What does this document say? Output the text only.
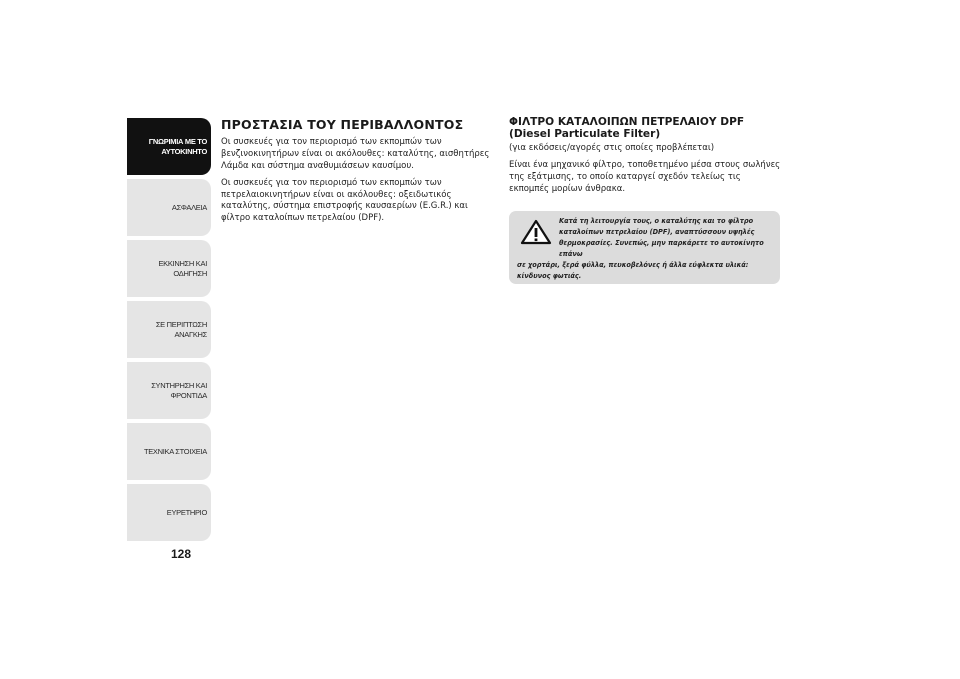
ΓΝΩΡΙΜΙΑ ΜΕ ΤΟ
ΑΥΤΟΚΙΝΗΤΟ
ΑΣΦΑΛΕΙΑ
ΕΚΚΙΝΗΣΗ ΚΑΙ
ΟΔΗΓΗΣΗ
ΣΕ ΠΕΡΙΠΤΩΣΗ
ΑΝΑΓΚΗΣ
ΣΥΝΤΗΡΗΣΗ ΚΑΙ
ΦΡΟΝΤΙΔΑ
ΤΕΧΝΙΚΑ ΣΤΟΙΧΕΙΑ
ΕΥΡΕΤΗΡΙΟ
128
ΠΡΟΣΤΑΣΙΑ ΤΟΥ ΠΕΡΙΒΑΛΛΟΝΤΟΣ

Οι συσκευές για τον περιορισμό των εκπομπών των βενζινοκινητήρων είναι οι ακόλουθες: καταλύτης, αισθητήρες Λάμδα και σύστημα αναθυμιάσεων καυσίμου.

Οι συσκευές για τον περιορισμό των εκπομπών των πετρελαιοκινητήρων είναι οι ακόλουθες: οξειδωτικός καταλύτης, σύστημα επιστροφής καυσαερίων (E.G.R.) και φίλτρο καταλοίπων πετρελαίου (DPF).

ΦΙΛΤΡΟ ΚΑΤΑΛΟΙΠΩΝ ΠΕΤΡΕΛΑΙΟΥ DPF
(Diesel Particulate Filter)

(για εκδόσεις/αγορές στις οποίες προβλέπεται)

Είναι ένα μηχανικό φίλτρο, τοποθετημένο μέσα στους σωλήνες της εξάτμισης, το οποίο καταργεί σχεδόν τελείως τις εκπομπές μορίων άνθρακα.

Κατά τη λειτουργία τους, ο καταλύτης και το φίλτρο καταλοίπων πετρελαίου (DPF), αναπτύσσουν υψηλές θερμοκρασίες. Συνεπώς, μην παρκάρετε το αυτοκίνητο επάνω
σε χορτάρι, ξερά φύλλα, πευκοβελόνες ή άλλα εύφλεκτα υλικά: κίνδυνος φωτιάς.
